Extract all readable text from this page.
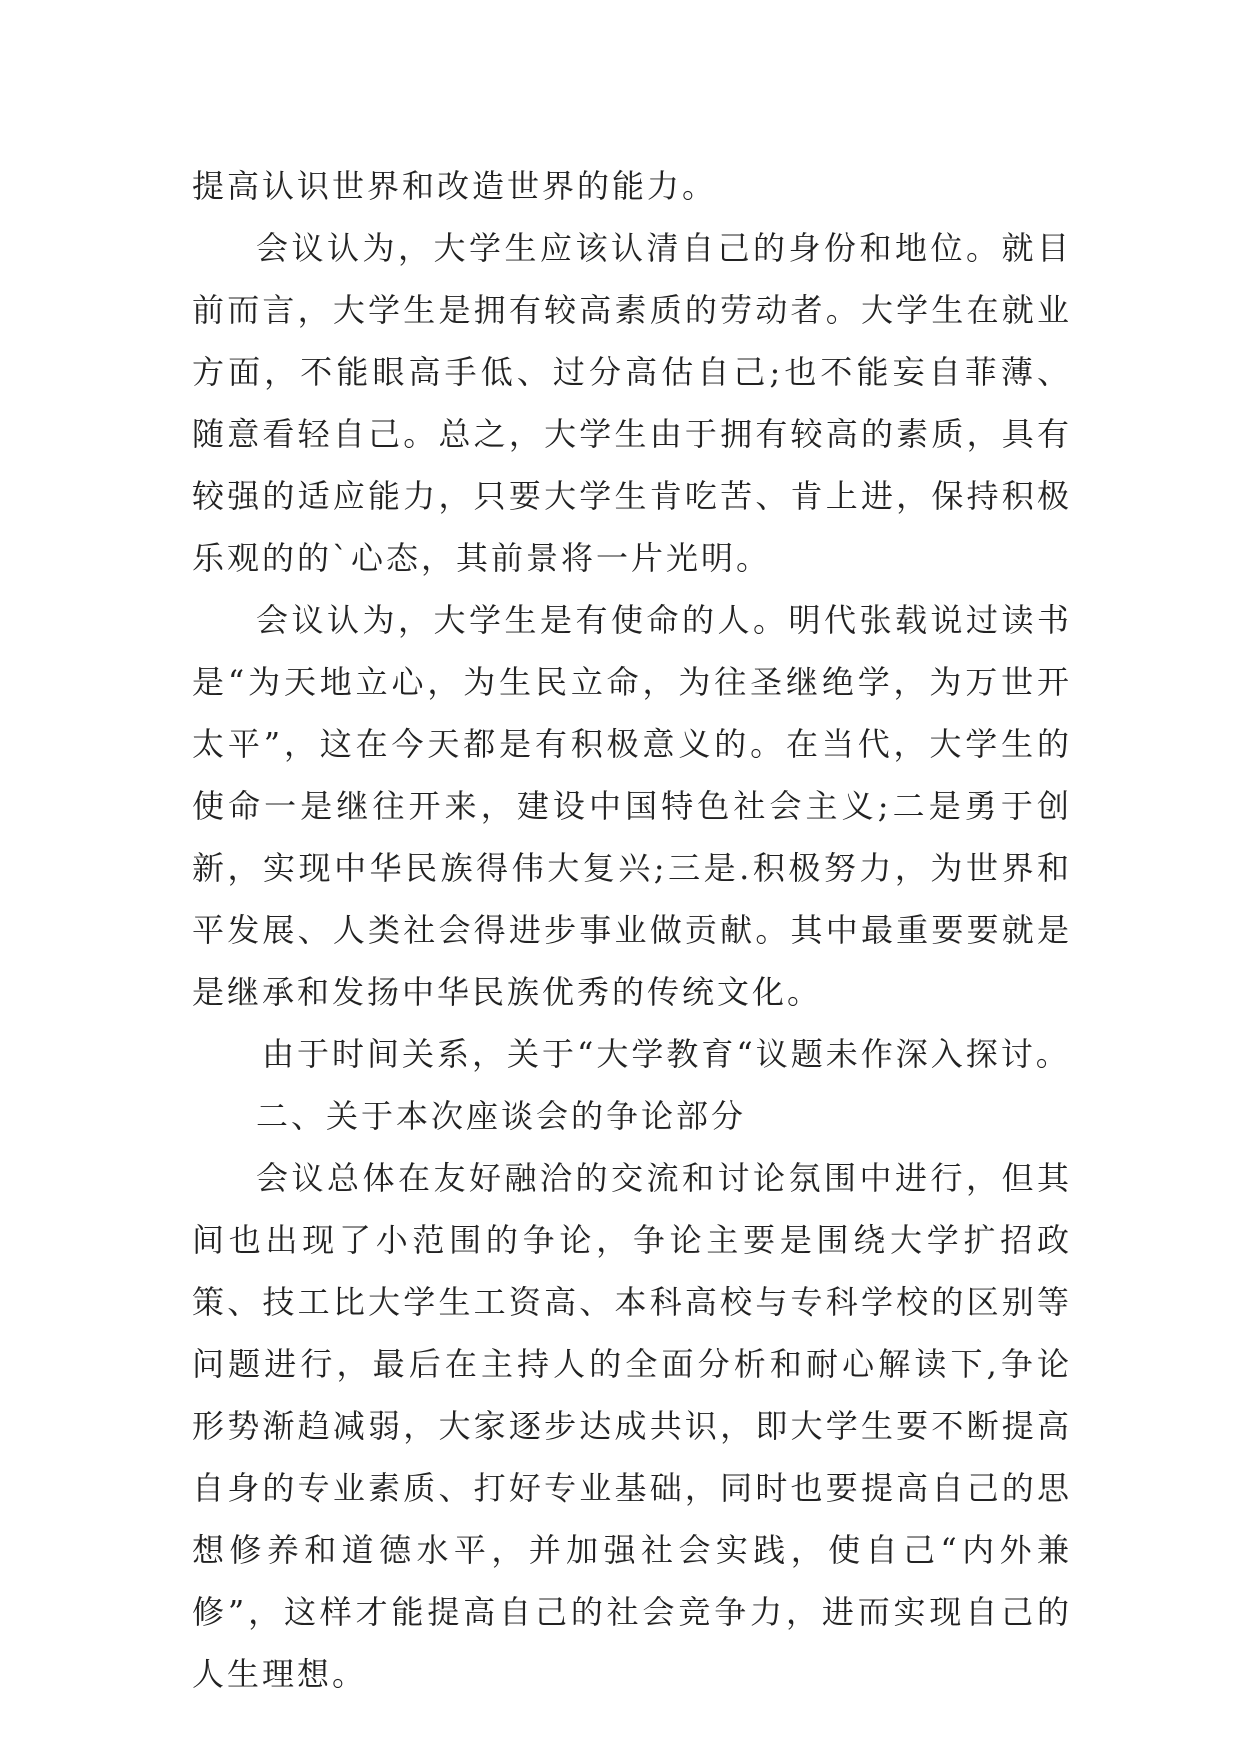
提高认识世界和改造世界的能力。

会议认为，大学生应该认清自己的身份和地位。就目前而言，大学生是拥有较高素质的劳动者。大学生在就业方面，不能眼高手低、过分高估自己;也不能妄自菲薄、随意看轻自己。总之，大学生由于拥有较高的素质，具有较强的适应能力，只要大学生肯吃苦、肯上进，保持积极乐观的的`心态，其前景将一片光明。

会议认为，大学生是有使命的人。明代张载说过读书是“为天地立心，为生民立命，为往圣继绝学，为万世开太平”，这在今天都是有积极意义的。在当代，大学生的使命一是继往开来，建设中国特色社会主义;二是勇于创新，实现中华民族得伟大复兴;三是.积极努力，为世界和平发展、人类社会得进步事业做贡献。其中最重要要就是是继承和发扬中华民族优秀的传统文化。

由于时间关系，关于“大学教育“议题未作深入探讨。

二、关于本次座谈会的争论部分

会议总体在友好融洽的交流和讨论氛围中进行，但其间也出现了小范围的争论，争论主要是围绕大学扩招政策、技工比大学生工资高、本科高校与专科学校的区别等问题进行，最后在主持人的全面分析和耐心解读下,争论形势渐趋减弱，大家逐步达成共识，即大学生要不断提高自身的专业素质、打好专业基础，同时也要提高自己的思想修养和道德水平，并加强社会实践，使自己“内外兼修”，这样才能提高自己的社会竞争力，进而实现自己的人生理想。
